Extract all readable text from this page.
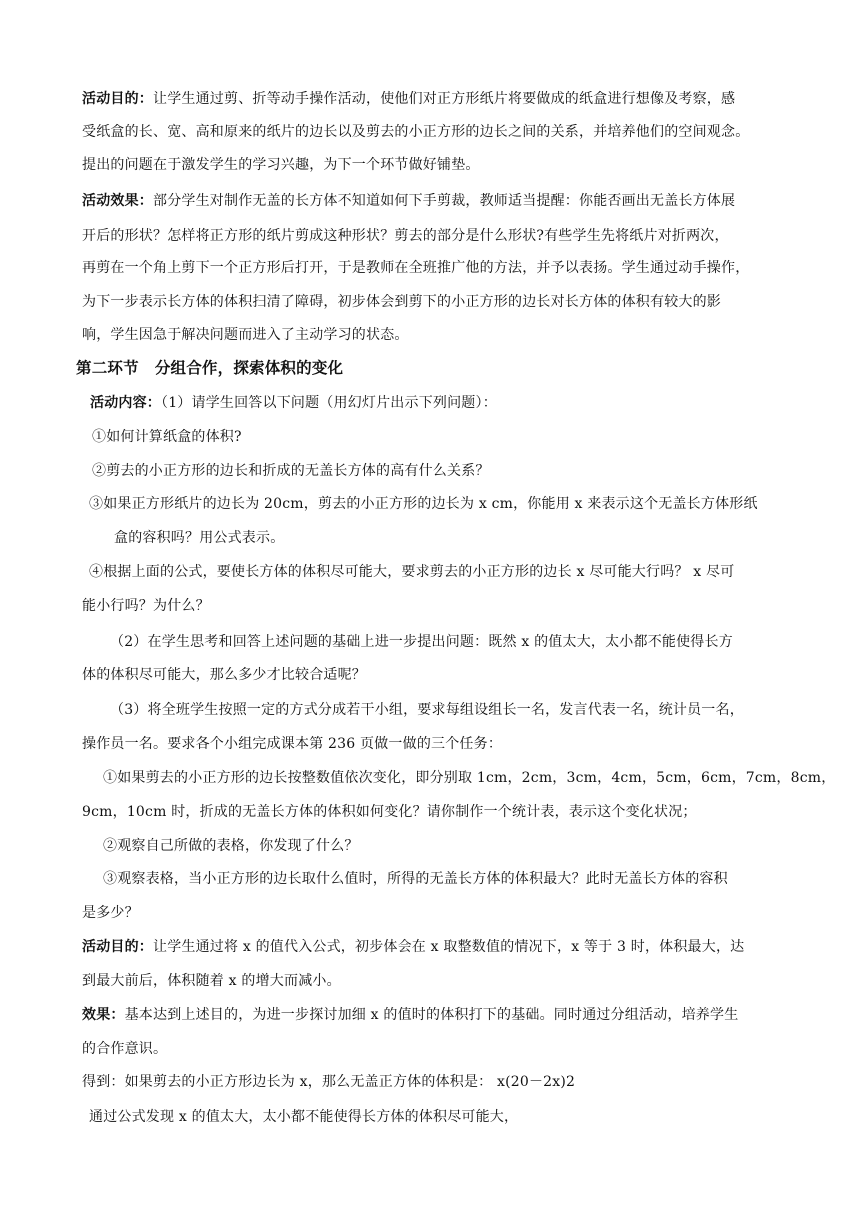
活动目的：让学生通过剪、折等动手操作活动，使他们对正方形纸片将要做成的纸盒进行想像及考察，感
受纸盒的长、宽、高和原来的纸片的边长以及剪去的小正方形的边长之间的关系，并培养他们的空间观念。
提出的问题在于激发学生的学习兴趣，为下一个环节做好铺垫。
活动效果：部分学生对制作无盖的长方体不知道如何下手剪裁，教师适当提醒：你能否画出无盖长方体展
开后的形状？怎样将正方形的纸片剪成这种形状？剪去的部分是什么形状?有些学生先将纸片对折两次，
再剪在一个角上剪下一个正方形后打开，于是教师在全班推广他的方法，并予以表扬。学生通过动手操作，
为下一步表示长方体的体积扫清了障碍，初步体会到剪下的小正方形的边长对长方体的体积有较大的影
响，学生因急于解决问题而进入了主动学习的状态。
第二环节 分组合作，探索体积的变化
活动内容：（1）请学生回答以下问题（用幻灯片出示下列问题）：
①如何计算纸盒的体积?
②剪去的小正方形的边长和折成的无盖长方体的高有什么关系？
③如果正方形纸片的边长为 20cm，剪去的小正方形的边长为 x cm，你能用 x 来表示这个无盖长方体形纸
盒的容积吗？用公式表示。
④根据上面的公式，要使长方体的体积尽可能大，要求剪去的小正方形的边长 x 尽可能大行吗？ x 尽可
能小行吗？为什么？
（2）在学生思考和回答上述问题的基础上进一步提出问题：既然 x 的值太大，太小都不能使得长方
体的体积尽可能大，那么多少才比较合适呢？
（3）将全班学生按照一定的方式分成若干小组，要求每组设组长一名，发言代表一名，统计员一名，
操作员一名。要求各个小组完成课本第 236 页做一做的三个任务：
①如果剪去的小正方形的边长按整数值依次变化，即分别取 1cm，2cm，3cm，4cm，5cm，6cm，7cm，8cm，
9cm，10cm 时，折成的无盖长方体的体积如何变化？请你制作一个统计表，表示这个变化状况；
②观察自己所做的表格，你发现了什么？
③观察表格，当小正方形的边长取什么值时，所得的无盖长方体的体积最大？此时无盖长方体的容积
是多少？
活动目的：让学生通过将 x 的值代入公式，初步体会在 x 取整数值的情况下，x 等于 3 时，体积最大，达
到最大前后，体积随着 x 的增大而减小。
效果：基本达到上述目的，为进一步探讨加细 x 的值时的体积打下的基础。同时通过分组活动，培养学生
的合作意识。
得到：如果剪去的小正方形边长为 x，那么无盖正方体的体积是： x(20－2x)2
通过公式发现 x 的值太大，太小都不能使得长方体的体积尽可能大，
